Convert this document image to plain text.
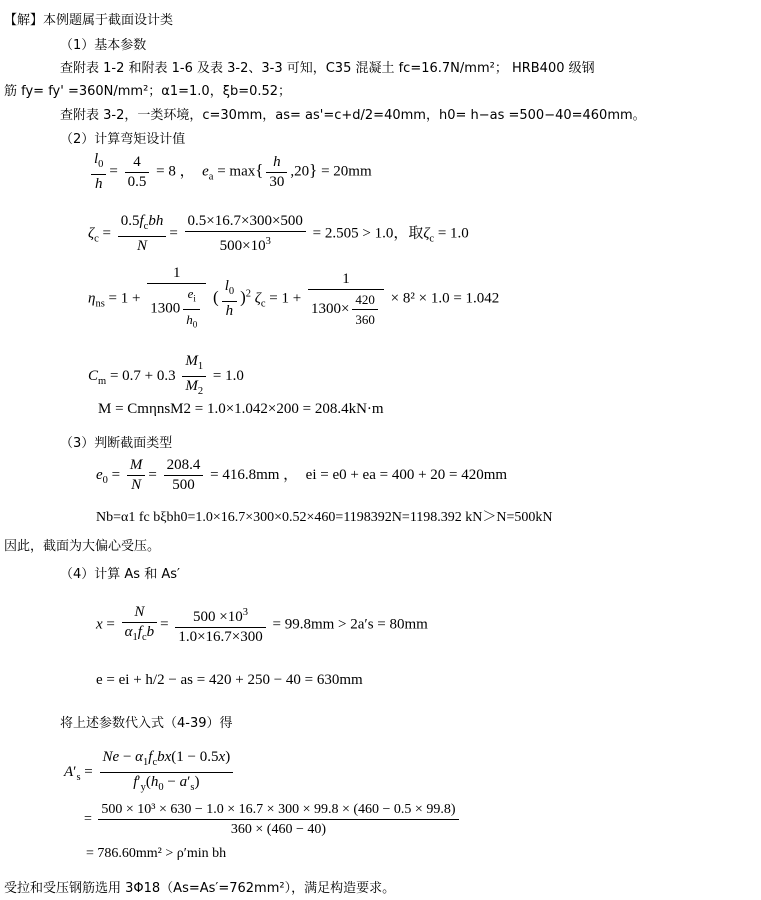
【解】本例题属于截面设计类
（1）基本参数
查附表 1-2 和附表 1-6 及表 3-2、3-3 可知，C35 混凝土 fc=16.7N/mm²； HRB400 级钢
筋 fy= fy' =360N/mm²；α1=1.0，ξb=0.52；
查附表 3-2，一类环境，c=30mm，as= as'=c+d/2=40mm，h0= h−as =500−40=460mm。
（2）计算弯矩设计值
$\frac{l_0}{h} = \frac{4}{0.5} = 8$ ， $e_a = \max\{ \frac{h}{30} ,20\} = 20mm$
$\zeta_c = \frac{0.5f_cbh}{N} = \frac{0.5\times 16.7\times 300\times 500}{500\times 10^3} = 2.505 > 1.0$，取$\zeta_c = 1.0$
$\eta_{ns} = 1 + \frac{1}{1300 \frac{e_i}{h_0}}$ ( $\frac{l_0}{h} )^2$ $\zeta_c = 1 + \frac{1}{1300\times \frac{420}{360}} \times 8^2 \times 1.0 = 1.042$
$C_m = 0.7 + 0.3 \frac{M_1}{M_2} = 1.0$
M = CmηnsM2 = 1.0×1.042×200 = 208.4kN·m
（3）判断截面类型
$e_0 = \frac{M}{N} = \frac{208.4}{500} = 416.8mm$ ， ei = e0 + ea = 400 + 20 = 420mm
Nb=α1 fc bξbh0=1.0×16.7×300×0.52×460=1198392N=1198.392 kN＞N=500kN
因此，截面为大偏心受压。
（4）计算 As 和 As′
$x = \frac{N}{\alpha_1f_cb} = \frac{500 \times 10^3}{1.0\times 16.7\times 300} = 99.8mm > 2a's = 80mm$
e = ei + h/2 − as = 420 + 250 − 40 = 630mm
将上述参数代入式（4-39）得
$A'_s = \frac{Ne - \alpha_1f_cbx(1 - 0.5x)}{f'_y(h_0 - a'_s)}$
=
500 × 10³ × 630 − 1.0 × 16.7 × 300 × 99.8 × (460 − 0.5 × 99.8)
360 × (460 − 40)
= 786.60mm² > ρ′min bh
受拉和受压钢筋选用 3Φ18（As=As′=762mm²），满足构造要求。
